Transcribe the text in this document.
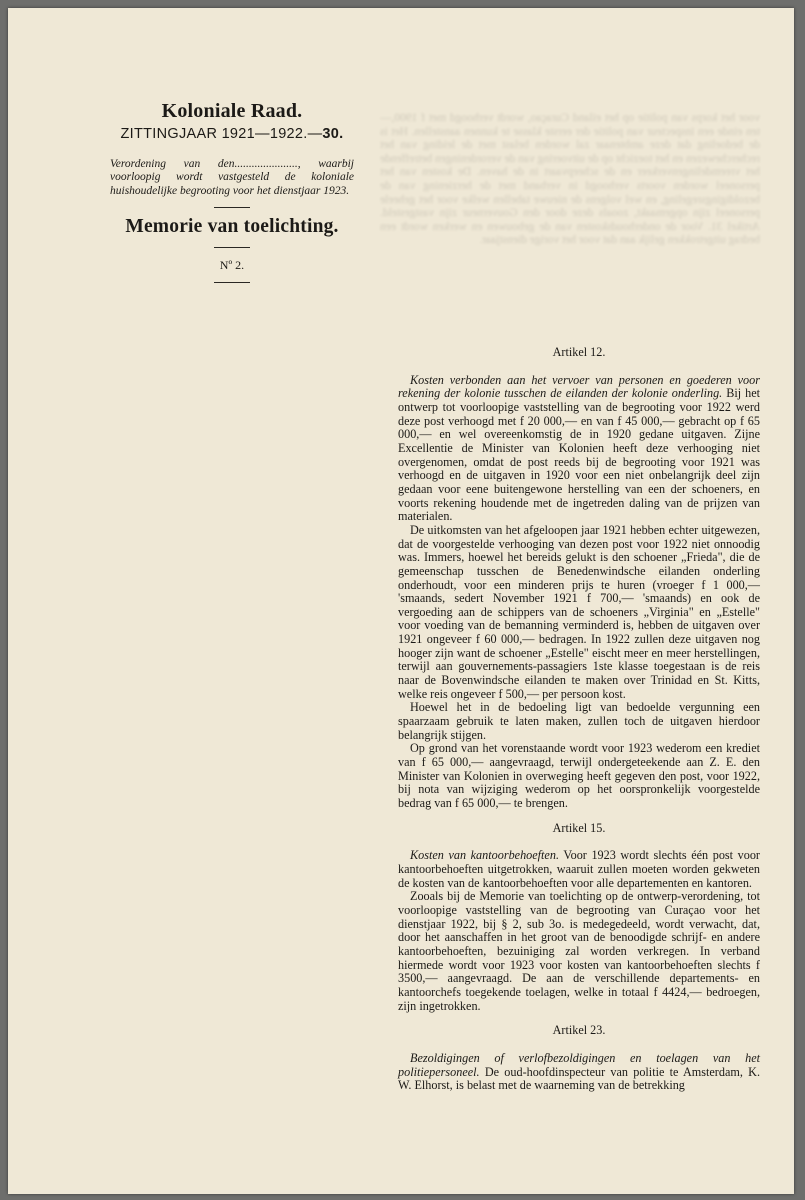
voor het korps van politie op het eiland Curaçao, wordt verhoogd met f 1900,— ten einde een inspecteur van politie der eerste klasse te kunnen aanstellen. Het is de bedoeling dat deze ambtenaar zal worden belast met de leiding van het recherchewezen en het toezicht op de uitvoering van de verordeningen betreffende het vreemdelingenverkeer en de scheepvaart in de haven. De kosten van het personeel worden voorts verhoogd in verband met de herziening van de bezoldigingsregeling, en wel volgens de nieuwe tabellen welke voor het geheele personeel zijn opgemaakt, zooals deze door den Gouverneur zijn vastgesteld. Artikel 31. Voor de onderhoudskosten van de gebouwen en werken wordt een bedrag uitgetrokken gelijk aan dat voor het vorige dienstjaar.
Koloniale Raad.
ZITTINGJAAR 1921—1922.—30.
Verordening van den......................, waarbij voorloopig wordt vastgesteld de koloniale huishoudelijke begrooting voor het dienstjaar 1923.
Memorie van toelichting.
Nº 2.
Artikel 12.

Kosten verbonden aan het vervoer van personen en goederen voor rekening der kolonie tusschen de eilanden der kolonie onderling. Bij het ontwerp tot voorloopige vaststelling van de begrooting voor 1922 werd deze post verhoogd met f 20 000,— en van f 45 000,— gebracht op f 65 000,— en wel overeenkomstig de in 1920 gedane uitgaven. Zijne Excellentie de Minister van Kolonien heeft deze verhooging niet overgenomen, omdat de post reeds bij de begrooting voor 1921 was verhoogd en de uitgaven in 1920 voor een niet onbelangrijk deel zijn gedaan voor eene buitengewone herstelling van een der schoeners, en voorts rekening houdende met de ingetreden daling van de prijzen van materialen.

De uitkomsten van het afgeloopen jaar 1921 hebben echter uitgewezen, dat de voorgestelde verhooging van dezen post voor 1922 niet onnoodig was. Immers, hoewel het bereids gelukt is den schoener „Frieda", die de gemeenschap tusschen de Benedenwindsche eilanden onderling onderhoudt, voor een minderen prijs te huren (vroeger f 1 000,— 'smaands, sedert November 1921 f 700,— 'smaands) en ook de vergoeding aan de schippers van de schoeners „Virginia" en „Estelle" voor voeding van de bemanning verminderd is, hebben de uitgaven over 1921 ongeveer f 60 000,— bedragen. In 1922 zullen deze uitgaven nog hooger zijn want de schoener „Estelle" eischt meer en meer herstellingen, terwijl aan gouvernements-passagiers 1ste klasse toegestaan is de reis naar de Bovenwindsche eilanden te maken over Trinidad en St. Kitts, welke reis ongeveer f 500,— per persoon kost.

Hoewel het in de bedoeling ligt van bedoelde vergunning een spaarzaam gebruik te laten maken, zullen toch de uitgaven hierdoor belangrijk stijgen.

Op grond van het vorenstaande wordt voor 1923 wederom een krediet van f 65 000,— aangevraagd, terwijl ondergeteekende aan Z. E. den Minister van Kolonien in overweging heeft gegeven den post, voor 1922, bij nota van wijziging wederom op het oorspronkelijk voorgestelde bedrag van f 65 000,— te brengen.

Artikel 15.

Kosten van kantoorbehoeften. Voor 1923 wordt slechts één post voor kantoorbehoeften uitgetrokken, waaruit zullen moeten worden gekweten de kosten van de kantoorbehoeften voor alle departementen en kantoren.

Zooals bij de Memorie van toelichting op de ontwerp-verordening, tot voorloopige vaststelling van de begrooting van Curaçao voor het dienstjaar 1922, bij § 2, sub 3o. is medegedeeld, wordt verwacht, dat, door het aanschaffen in het groot van de benoodigde schrijf- en andere kantoorbehoeften, bezuiniging zal worden verkregen. In verband hiermede wordt voor 1923 voor kosten van kantoorbehoeften slechts f 3500,— aangevraagd. De aan de verschillende departements- en kantoorchefs toegekende toelagen, welke in totaal f 4424,— bedroegen, zijn ingetrokken.

Artikel 23.

Bezoldigingen of verlofbezoldigingen en toelagen van het politiepersoneel. De oud-hoofdinspecteur van politie te Amsterdam, K. W. Elhorst, is belast met de waarneming van de betrekking
